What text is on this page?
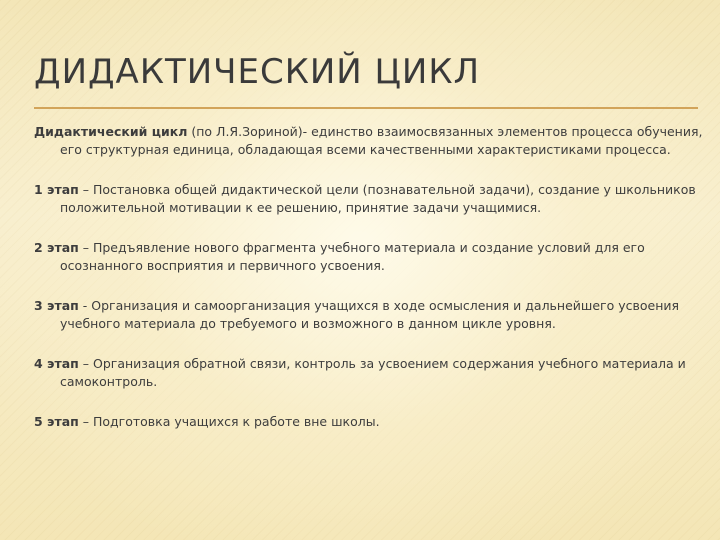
ДИДАКТИЧЕСКИЙ ЦИКЛ
Дидактический цикл (по Л.Я.Зориной)- единство взаимосвязанных элементов процесса обучения, его структурная единица, обладающая всеми качественными характеристиками процесса.
1 этап – Постановка общей дидактической цели (познавательной задачи), создание у школьников положительной мотивации к ее решению, принятие задачи учащимися.
2 этап – Предъявление нового фрагмента учебного материала и создание условий для его осознанного восприятия и первичного усвоения.
3 этап - Организация и самоорганизация учащихся в ходе осмысления и дальнейшего усвоения учебного материала до требуемого и возможного в данном цикле уровня.
4 этап – Организация обратной связи, контроль за усвоением содержания учебного материала и самоконтроль.
5 этап – Подготовка учащихся к работе вне школы.
